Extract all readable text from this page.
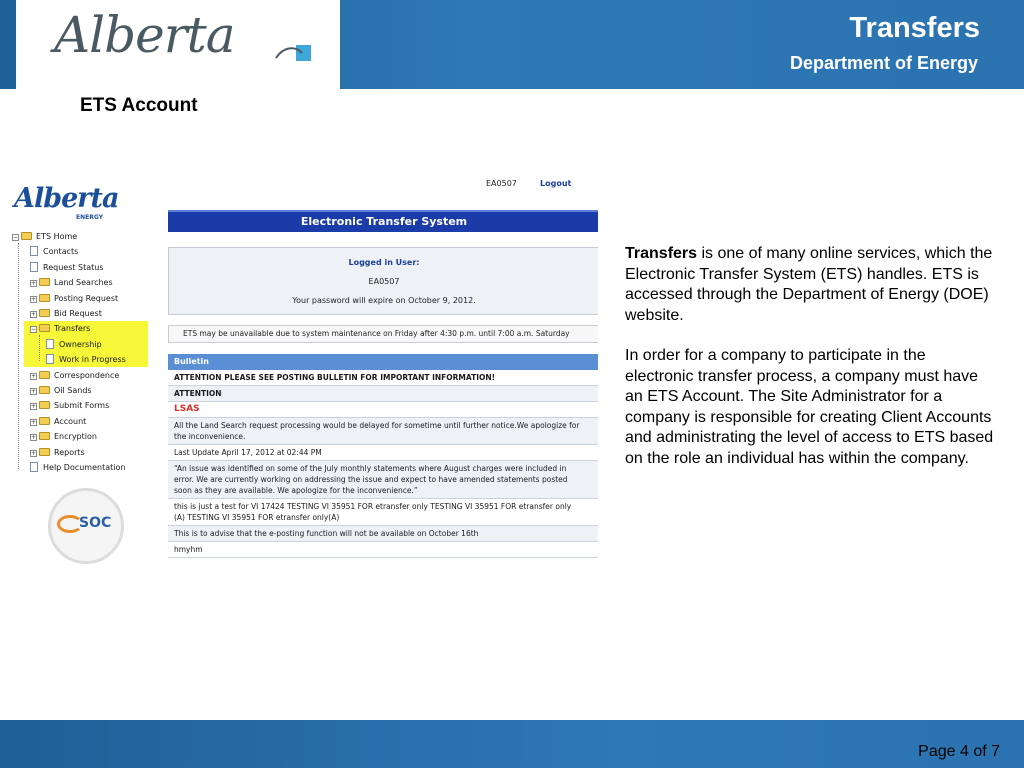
Alberta	Transfers
Department of Energy
ETS Account
Alberta
ENERGY
− ETS Home
Contacts
Request Status
+ Land Searches
+ Posting Request
+ Bid Request
− Transfers
Ownership
Work in Progress
+ Correspondence
+ Oil Sands
+ Submit Forms
+ Account
+ Encryption
+ Reports
Help Documentation
SOC
EA0507	Logout
Electronic Transfer System
Logged in User:
EA0507
Your password will expire on October 9, 2012.
ETS may be unavailable due to system maintenance on Friday after 4:30 p.m. until 7:00 a.m. Saturday
Bulletin
ATTENTION PLEASE SEE POSTING BULLETIN FOR IMPORTANT INFORMATION!
ATTENTION
LSAS
All the Land Search request processing would be delayed for sometime until further notice.We apologize for
the inconvenience.
Last Update April 17, 2012 at 02:44 PM
“An issue was identified on some of the July monthly statements where August charges were included in
error. We are currently working on addressing the issue and expect to have amended statements posted
soon as they are available. We apologize for the inconvenience.”
this is just a test for VI 17424 TESTING VI 35951 FOR etransfer only TESTING VI 35951 FOR etransfer only
(A) TESTING VI 35951 FOR etransfer only(A)
This is to advise that the e-posting function will not be available on October 16th
hmyhm

Transfers is one of many online services, which the Electronic Transfer System (ETS) handles. ETS is accessed through the Department of Energy (DOE) website.

In order for a company to participate in the electronic transfer process, a company must have an ETS Account. The Site Administrator for a company is responsible for creating Client Accounts and administrating the level of access to ETS based on the role an individual has within the company.

Page 4 of 7
